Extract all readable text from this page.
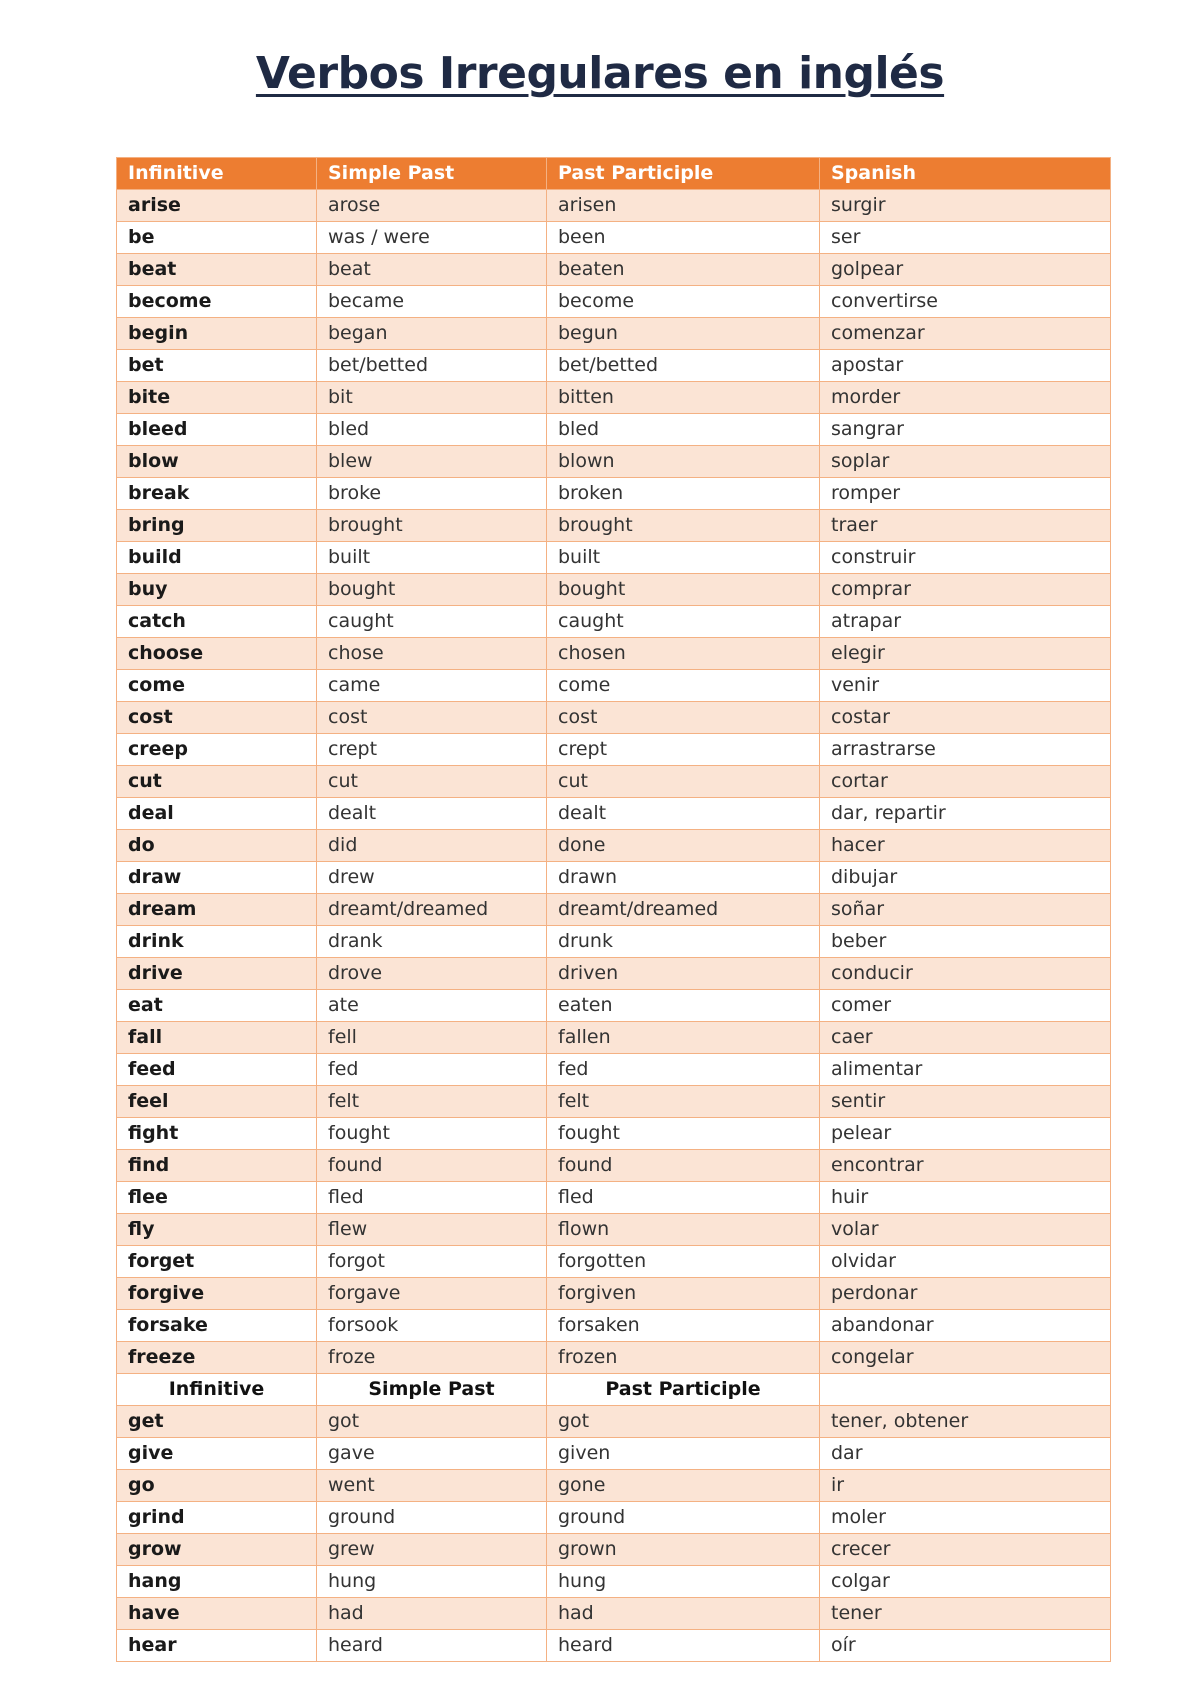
Verbos Irregulares en inglés
Infinitive	Simple Past	Past Participle	Spanish
arise	arose	arisen	surgir
be	was / were	been	ser
beat	beat	beaten	golpear
become	became	become	convertirse
begin	began	begun	comenzar
bet	bet/betted	bet/betted	apostar
bite	bit	bitten	morder
bleed	bled	bled	sangrar
blow	blew	blown	soplar
break	broke	broken	romper
bring	brought	brought	traer
build	built	built	construir
buy	bought	bought	comprar
catch	caught	caught	atrapar
choose	chose	chosen	elegir
come	came	come	venir
cost	cost	cost	costar
creep	crept	crept	arrastrarse
cut	cut	cut	cortar
deal	dealt	dealt	dar, repartir
do	did	done	hacer
draw	drew	drawn	dibujar
dream	dreamt/dreamed	dreamt/dreamed	soñar
drink	drank	drunk	beber
drive	drove	driven	conducir
eat	ate	eaten	comer
fall	fell	fallen	caer
feed	fed	fed	alimentar
feel	felt	felt	sentir
fight	fought	fought	pelear
find	found	found	encontrar
flee	fled	fled	huir
fly	flew	flown	volar
forget	forgot	forgotten	olvidar
forgive	forgave	forgiven	perdonar
forsake	forsook	forsaken	abandonar
freeze	froze	frozen	congelar
Infinitive	Simple Past	Past Participle	
get	got	got	tener, obtener
give	gave	given	dar
go	went	gone	ir
grind	ground	ground	moler
grow	grew	grown	crecer
hang	hung	hung	colgar
have	had	had	tener
hear	heard	heard	oír
